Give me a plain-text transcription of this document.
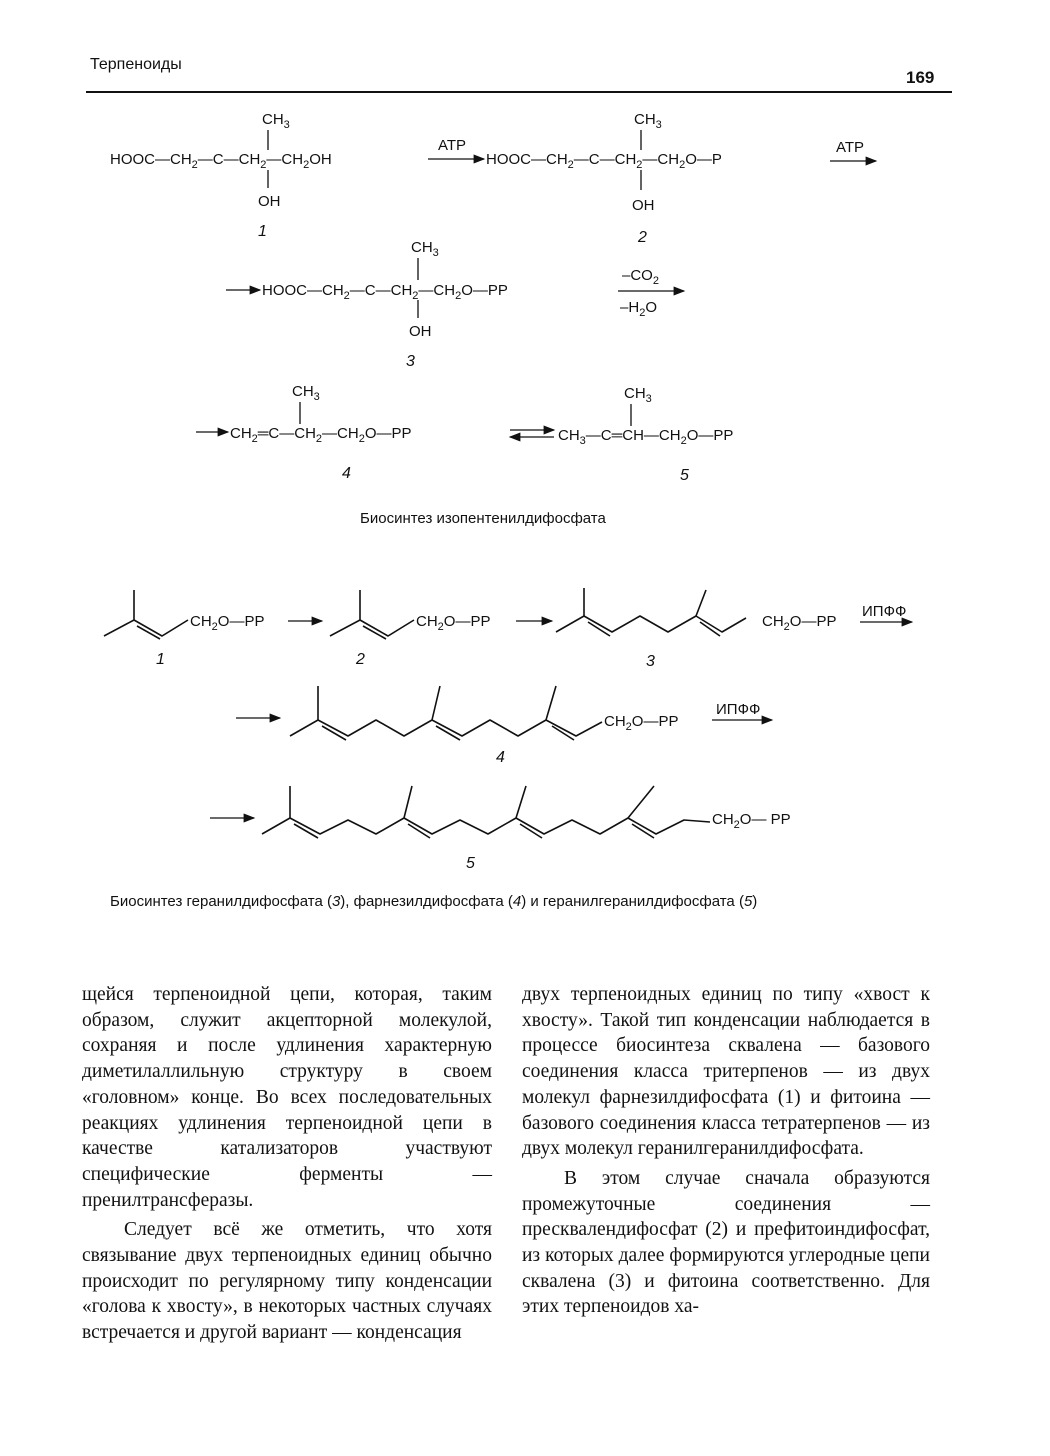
Терпеноиды
169
$HOOC—CH_2—C—CH_2—CH_2OH$
$CH_3$
OH
1
ATP
$HOOC—CH_2—C—CH_2—CH_2O—P$
$CH_3$
OH
2
ATP
$HOOC—CH_2—C—CH_2—CH_2O—PP$
$CH_3$
OH
3
$-CO_2$
$-H_2O$
$CH_2═C—CH_2—CH_2O—PP$
$CH_3$
4
$CH_3—C═CH—CH_2O—PP$
$CH_3$
5
Биосинтез изопентенилдифосфата
$CH_2O—PP$
1
$CH_2O—PP$
2
$CH_2O—PP$
ИПФФ
3
$CH_2O—PP$
ИПФФ
4
$CH_2O—$ PP
5
Биосинтез геранилдифосфата (3), фарнезилдифосфата (4) и геранилгеранилдифосфата (5)

щейся терпеноидной цепи, которая, таким образом, служит акцепторной молекулой, сохраняя и после удлинения характерную диметилаллильную структуру в своем «головном» конце. Во всех последовательных реакциях удлинения терпеноидной цепи в качестве катализаторов участвуют специфические ферменты — пренилтрансферазы.

Следует всё же отметить, что хотя связывание двух терпеноидных единиц обычно происходит по регулярному типу конденсации «голова к хвосту», в некоторых частных случаях встречается и другой вариант — конденсация

двух терпеноидных единиц по типу «хвост к хвосту». Такой тип конденсации наблюдается в процессе биосинтеза сквалена — базового соединения класса тритерпенов — из двух молекул фарнезилдифосфата (1) и фитоина — базового соединения класса тетратерпенов — из двух молекул геранилгеранилдифосфата.

В этом случае сначала образуются промежуточные соединения — пресквалендифосфат (2) и префитоиндифосфат, из которых далее формируются углеродные цепи сквалена (3) и фитоина соответственно. Для этих терпеноидов ха-
